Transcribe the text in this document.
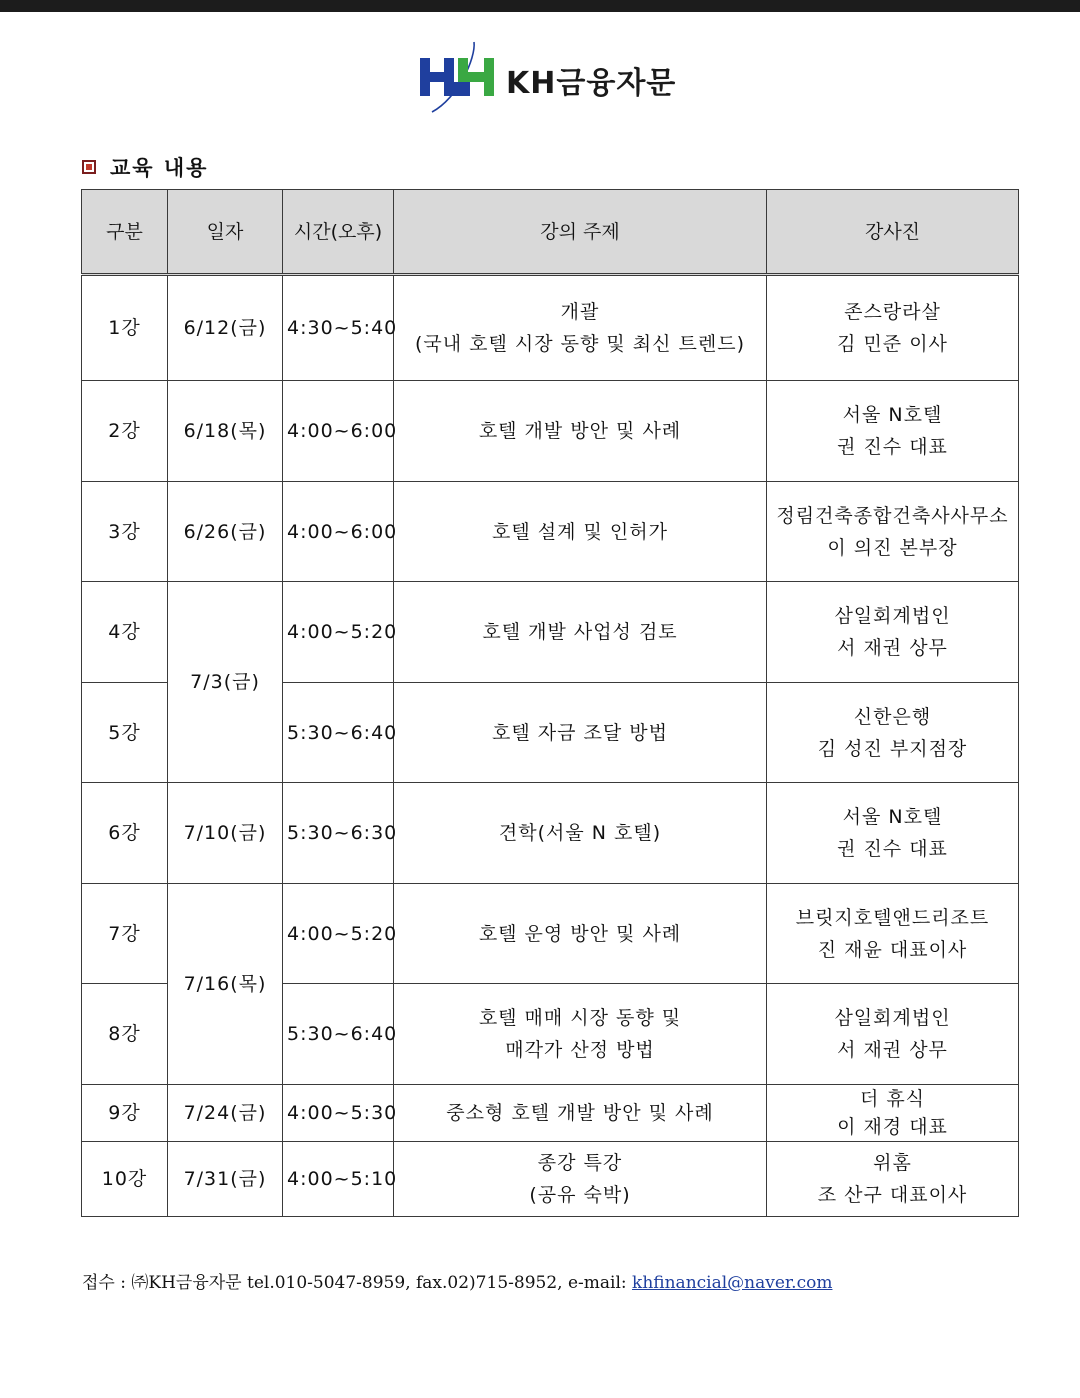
KH금융자문
교육 내용
구분	일자	시간(오후)	강의 주제	강사진
1강	6/12(금)	4:30~5:40	개괄
(국내 호텔 시장 동향 및 최신 트렌드)	존스랑라살
김 민준 이사

2강	6/18(목)	4:00~6:00	호텔 개발 방안 및 사례	서울 N호텔
권 진수 대표

3강	6/26(금)	4:00~6:00	호텔 설계 및 인허가	정림건축종합건축사사무소
이 의진 본부장

4강	7/3(금)	4:00~5:20	호텔 개발 사업성 검토	삼일회계법인
서 재권 상무

5강		5:30~6:40	호텔 자금 조달 방법	신한은행
김 성진 부지점장

6강	7/10(금)	5:30~6:30	견학(서울 N 호텔)	서울 N호텔
권 진수 대표

7강	7/16(목)	4:00~5:20	호텔 운영 방안 및 사례	브릿지호텔앤드리조트
진 재윤 대표이사

8강		5:30~6:40	호텔 매매 시장 동향 및
매각가 산정 방법	삼일회계법인
서 재권 상무

9강	7/24(금)	4:00~5:30	중소형 호텔 개발 방안 및 사례	더 휴식
이 재경 대표

10강	7/31(금)	4:00~5:10	종강 특강
(공유 숙박)	위홈
조 산구 대표이사
접수 : ㈜KH금융자문 tel.010-5047-8959, fax.02)715-8952, e-mail: khfinancial@naver.com
